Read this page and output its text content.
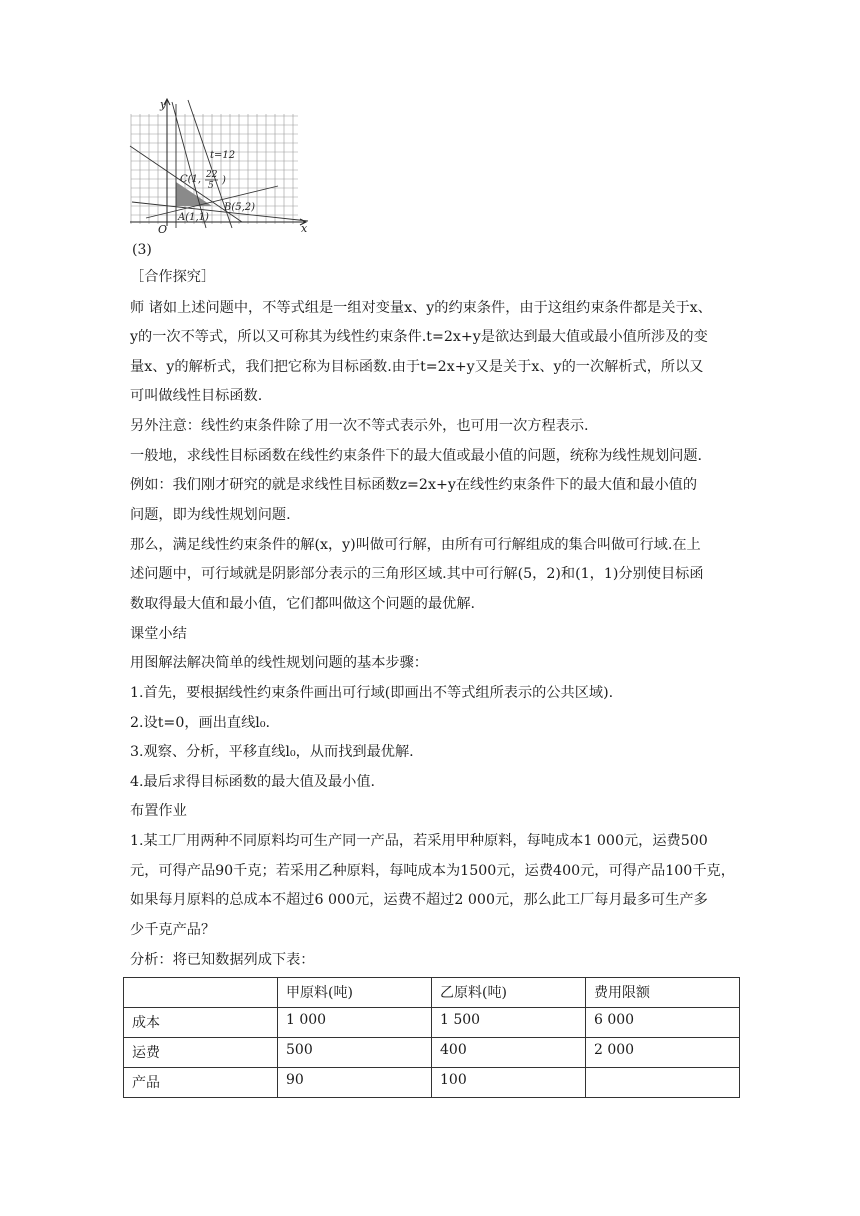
y
x
O
t=12
C(1, 22
5 )
A(1,1)
B(5,2)
(3)
［合作探究］
师 诸如上述问题中，不等式组是一组对变量x、y的约束条件，由于这组约束条件都是关于x、
y的一次不等式，所以又可称其为线性约束条件.t=2x+y是欲达到最大值或最小值所涉及的变
量x、y的解析式，我们把它称为目标函数.由于t=2x+y又是关于x、y的一次解析式，所以又
可叫做线性目标函数.
另外注意：线性约束条件除了用一次不等式表示外，也可用一次方程表示.
一般地，求线性目标函数在线性约束条件下的最大值或最小值的问题，统称为线性规划问题.
例如：我们刚才研究的就是求线性目标函数z=2x+y在线性约束条件下的最大值和最小值的
问题，即为线性规划问题.
那么，满足线性约束条件的解(x，y)叫做可行解，由所有可行解组成的集合叫做可行域.在上
述问题中，可行域就是阴影部分表示的三角形区域.其中可行解(5，2)和(1，1)分别使目标函
数取得最大值和最小值，它们都叫做这个问题的最优解.
课堂小结
用图解法解决简单的线性规划问题的基本步骤：
1.首先，要根据线性约束条件画出可行域(即画出不等式组所表示的公共区域).
2.设t=0，画出直线l₀.
3.观察、分析，平移直线l₀，从而找到最优解.
4.最后求得目标函数的最大值及最小值.
布置作业
1.某工厂用两种不同原料均可生产同一产品，若采用甲种原料，每吨成本1 000元，运费500
元，可得产品90千克；若采用乙种原料，每吨成本为1500元，运费400元，可得产品100千克，
如果每月原料的总成本不超过6 000元，运费不超过2 000元，那么此工厂每月最多可生产多
少千克产品？
分析：将已知数据列成下表：
	甲原料(吨)	乙原料(吨)	费用限额
成本	1 000	1 500	6 000
运费	500	400	2 000
产品	90	100	
